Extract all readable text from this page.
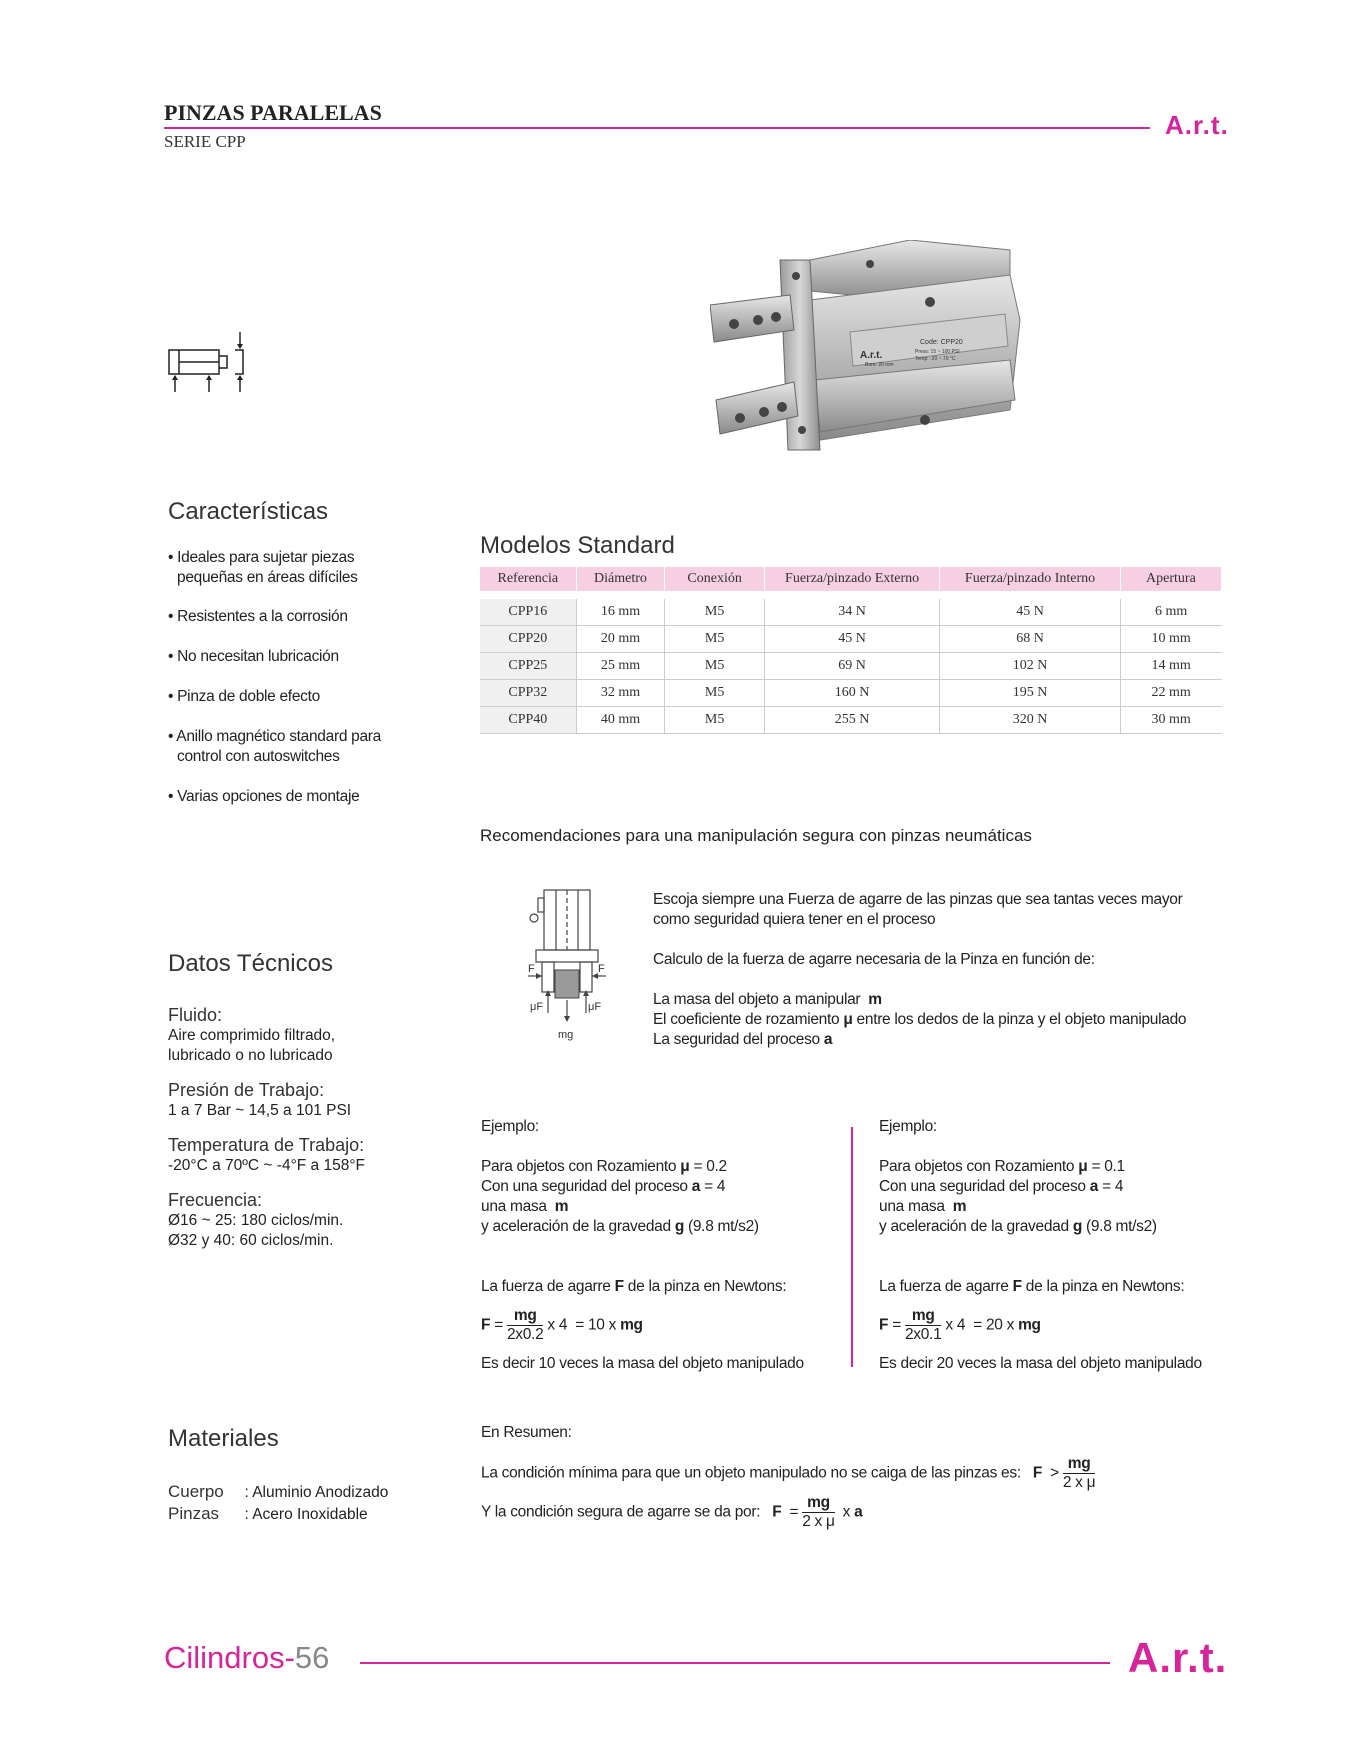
PINZAS PARALELAS
SERIE CPP
A.r.t.
A.r.t.
Code: CPP20
Bore: 20 mm
Press: 15 ~ 100 PSI
Temp: -20 ~ 70 °C
Características
• Ideales para sujetar piezas
pequeñas en áreas difíciles
• Resistentes a la corrosión
• No necesitan lubricación
• Pinza de doble efecto
• Anillo magnético standard para
control con autoswitches
• Varias opciones de montaje
Modelos Standard
Referencia	Diámetro	Conexión	Fuerza/pinzado Externo	Fuerza/pinzado Interno	Apertura

CPP16	16 mm	M5	34 N	45 N	6 mm
CPP20	20 mm	M5	45 N	68 N	10 mm
CPP25	25 mm	M5	69 N	102 N	14 mm
CPP32	32 mm	M5	160 N	195 N	22 mm
CPP40	40 mm	M5	255 N	320 N	30 mm
Recomendaciones para una manipulación segura con pinzas neumáticas
F	F
μF	μF
mg
Escoja siempre una Fuerza de agarre de las pinzas que sea tantas veces mayor
como seguridad quiera tener en el proceso
Calculo de la fuerza de agarre necesaria de la Pinza en función de:
La masa del objeto a manipular m
El coeficiente de rozamiento μ entre los dedos de la pinza y el objeto manipulado
La seguridad del proceso a
Datos Técnicos
Fluido:
Aire comprimido filtrado,
lubricado o no lubricado
Presión de Trabajo:
1 a 7 Bar ~ 14,5 a 101 PSI
Temperatura de Trabajo:
-20°C a 70ºC ~ -4°F a 158°F
Frecuencia:
Ø16 ~ 25: 180 ciclos/min.
Ø32 y 40: 60 ciclos/min.
Ejemplo:
Para objetos con Rozamiento μ = 0.2
Con una seguridad del proceso a = 4
una masa m
y aceleración de la gravedad g (9.8 mt/s2)
La fuerza de agarre F de la pinza en Newtons:
$F = \frac{mg}{2x0.2}$ x 4 = 10 x mg
Es decir 10 veces la masa del objeto manipulado
Ejemplo:
Para objetos con Rozamiento μ = 0.1
Con una seguridad del proceso a = 4
una masa m
y aceleración de la gravedad g (9.8 mt/s2)
La fuerza de agarre F de la pinza en Newtons:
$F = \frac{mg}{2x0.1}$ x 4 = 20 x mg
Es decir 20 veces la masa del objeto manipulado
Materiales
Cuerpo : Aluminio Anodizado
Pinzas : Acero Inoxidable
En Resumen:
La condición mínima para que un objeto manipulado no se caiga de las pinzas es: $F > \frac{mg}{\text{2 x μ}}$
Y la condición segura de agarre se da por: $F = \frac{mg}{\text{2 x μ}}$ x a
Cilindros-56	A.r.t.
